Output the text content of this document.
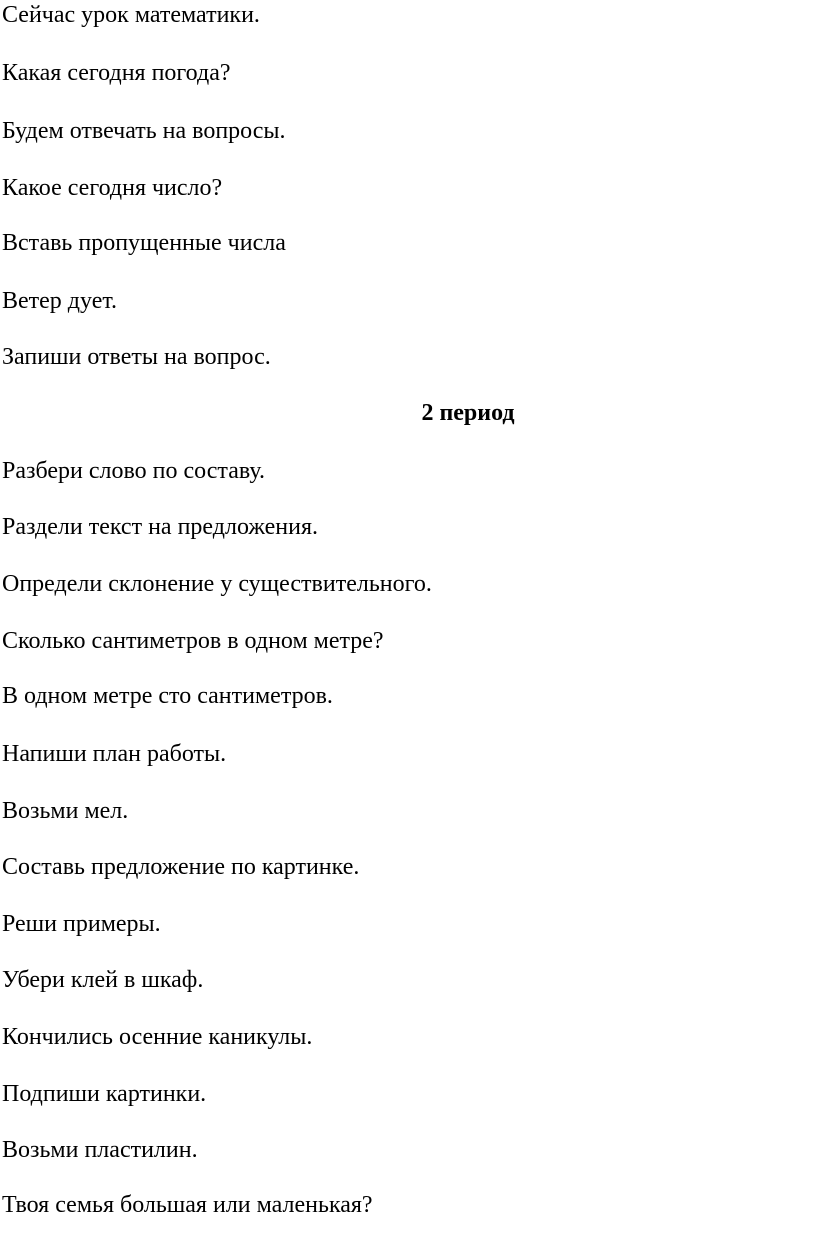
Сейчас урок математики.
Какая сегодня погода?
Будем отвечать на вопросы.
Какое сегодня число?
Вставь пропущенные числа
Ветер дует.
Запиши ответы на вопрос.
2 период
Разбери слово по составу.
Раздели текст на предложения.
Определи склонение у существительного.
Сколько сантиметров в одном метре?
В одном метре сто сантиметров.
Напиши план работы.
Возьми мел.
Составь предложение по картинке.
Реши примеры.
Убери клей в шкаф.
Кончились осенние каникулы.
Подпиши картинки.
Возьми пластилин.
Твоя семья большая или маленькая?
